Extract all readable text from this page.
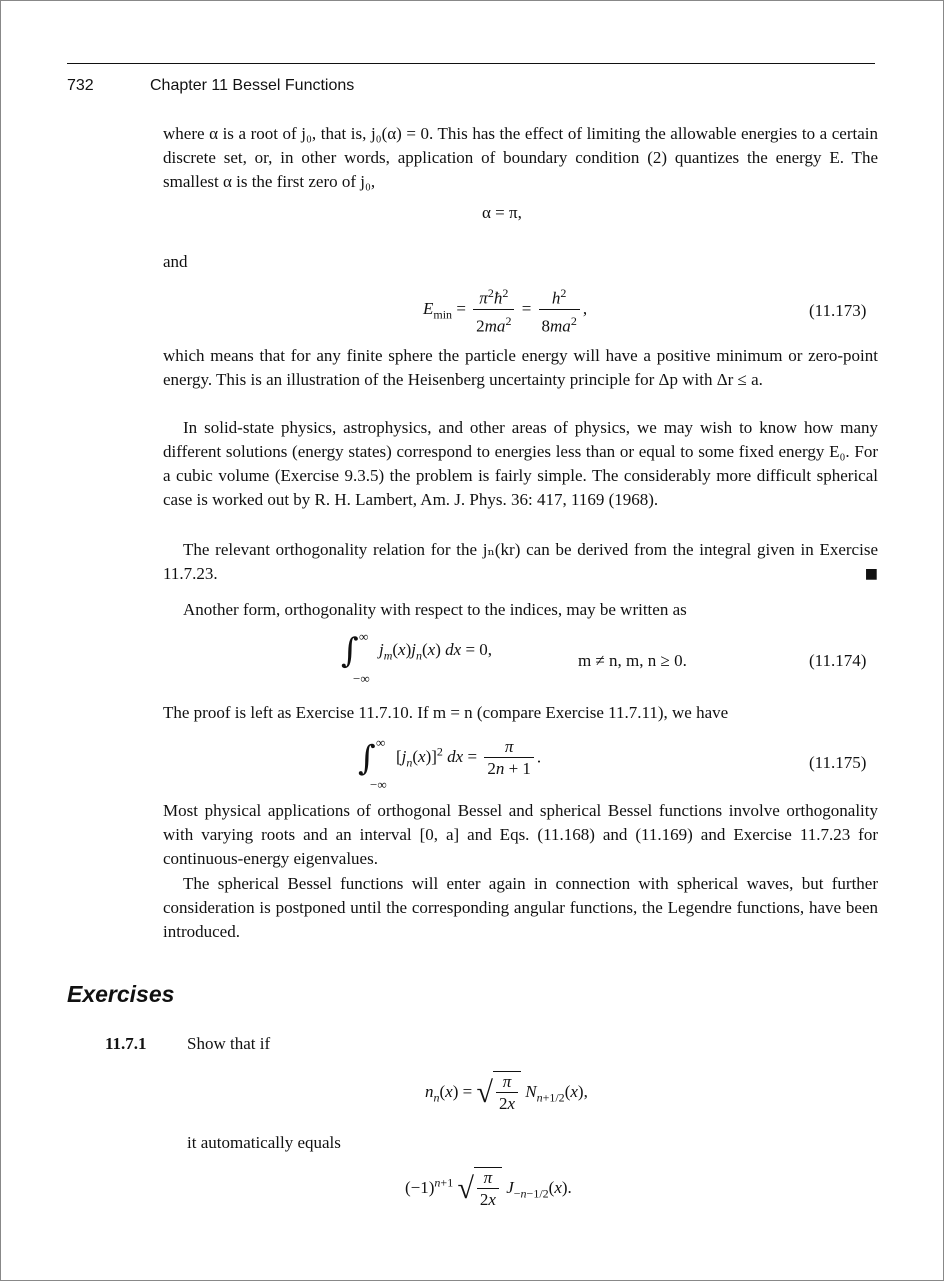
732	Chapter 11 Bessel Functions

where α is a root of j₀, that is, j₀(α) = 0. This has the effect of limiting the allowable energies to a certain discrete set, or, in other words, application of boundary condition (2) quantizes the energy E. The smallest α is the first zero of j₀,

α = π,

and

$E_{min} = \frac{\pi^2ħ^2}{2ma^2} = \frac{h^2}{8ma^2}$ ,	(11.173)

which means that for any finite sphere the particle energy will have a positive minimum or zero-point energy. This is an illustration of the Heisenberg uncertainty principle for Δp with Δr ≤ a.

In solid-state physics, astrophysics, and other areas of physics, we may wish to know how many different solutions (energy states) correspond to energies less than or equal to some fixed energy E₀. For a cubic volume (Exercise 9.3.5) the problem is fairly simple. The considerably more difficult spherical case is worked out by R. H. Lambert, Am. J. Phys. 36: 417, 1169 (1968).

The relevant orthogonality relation for the jₙ(kr) can be derived from the integral given in Exercise 11.7.23.	■

Another form, orthogonality with respect to the indices, may be written as

∫ ∞
−∞
$j_m(x)j_n(x)$ dx = 0,
m ≠ n, m, n ≥ 0.	(11.174)

The proof is left as Exercise 11.7.10. If m = n (compare Exercise 11.7.11), we have

∫ ∞
−∞
$[j_n(x)]^2$ dx = $\frac{\pi}{2n + 1}$ .	(11.175)

Most physical applications of orthogonal Bessel and spherical Bessel functions involve orthogonality with varying roots and an interval [0, a] and Eqs. (11.168) and (11.169) and Exercise 11.7.23 for continuous-energy eigenvalues.

The spherical Bessel functions will enter again in connection with spherical waves, but further consideration is postponed until the corresponding angular functions, the Legendre functions, have been introduced.

Exercises
11.7.1 Show that if
$n_n(x)$ = √ $\frac{\pi}{2x} N_{n+1/2}(x)$,
it automatically equals
$(-1)^{n+1}$ √ $\frac{\pi}{2x} J_{-n-1/2}(x)$.
